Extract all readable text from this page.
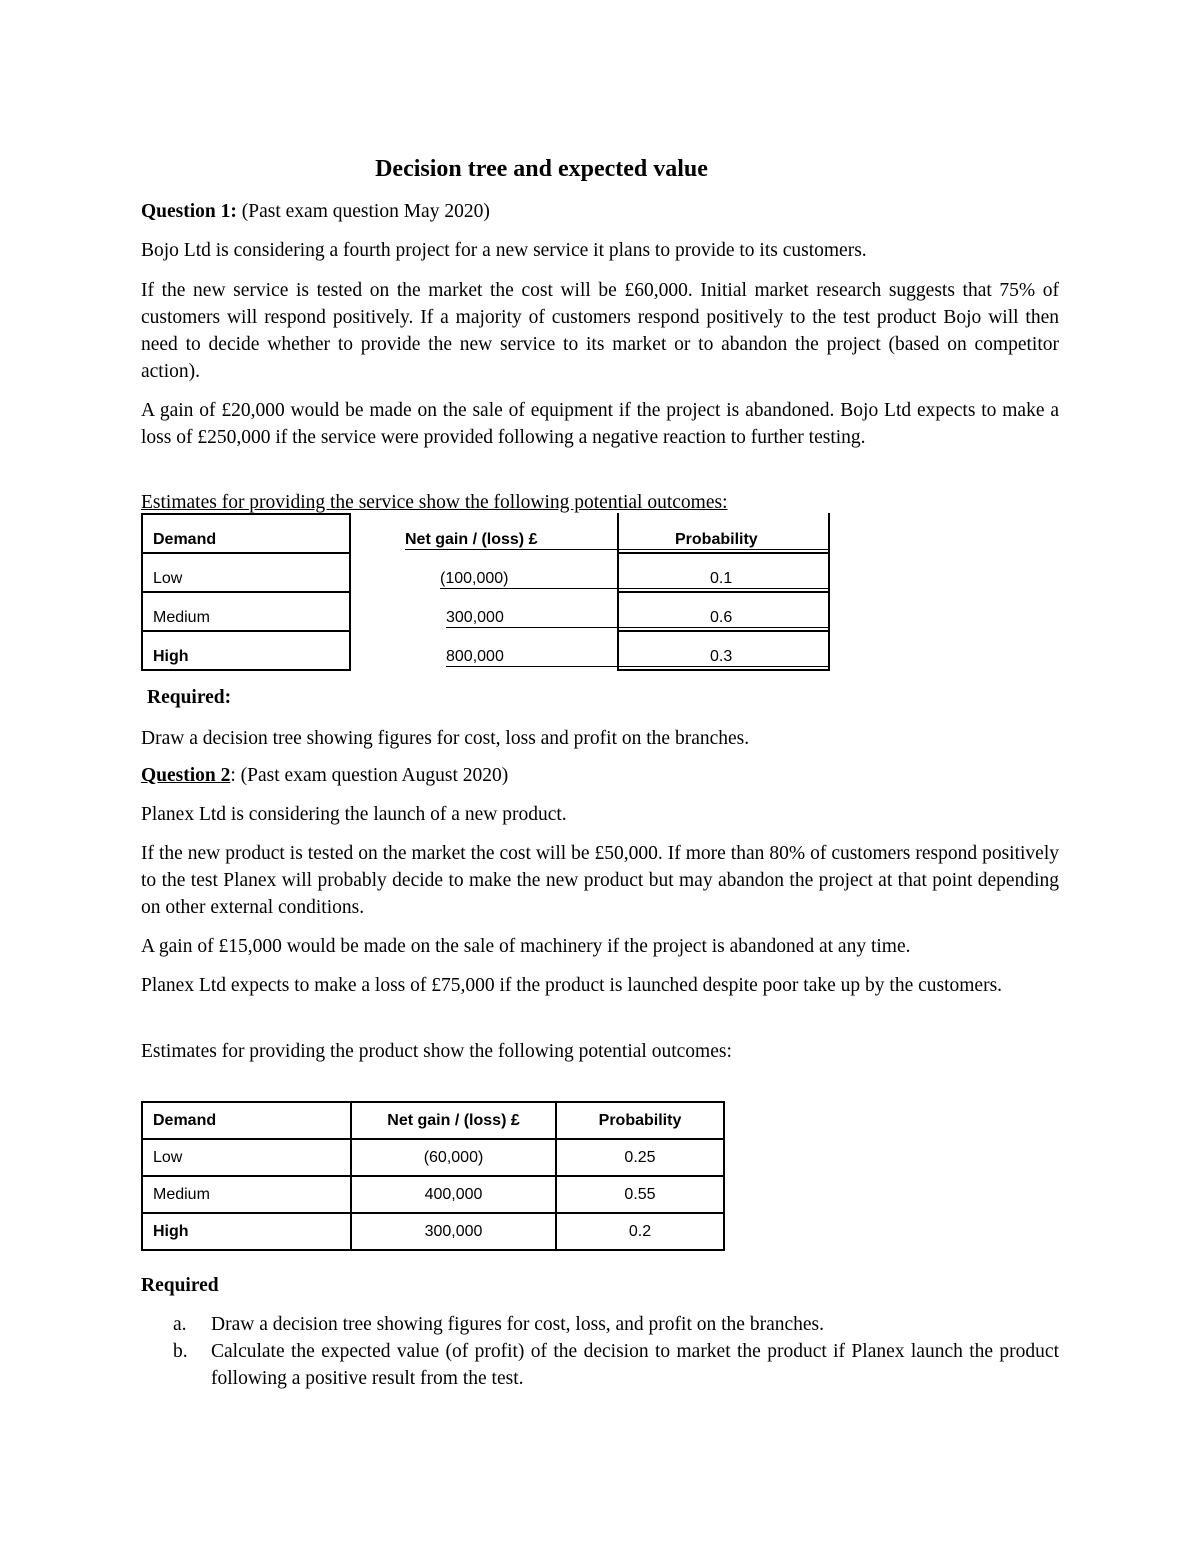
Decision tree and expected value
Question 1: (Past exam question May 2020)
Bojo Ltd is considering a fourth project for a new service it plans to provide to its customers.
If the new service is tested on the market the cost will be £60,000. Initial market research suggests that 75% of customers will respond positively. If a majority of customers respond positively to the test product Bojo will then need to decide whether to provide the new service to its market or to abandon the project (based on competitor action).
A gain of £20,000 would be made on the sale of equipment if the project is abandoned. Bojo Ltd expects to make a loss of £250,000 if the service were provided following a negative reaction to further testing.
Estimates for providing the service show the following potential outcomes:
Demand	Net gain / (loss) £	Probability
Low	(100,000)	0.1
Medium	300,000	0.6
High	800,000	0.3
Required:
Draw a decision tree showing figures for cost, loss and profit on the branches.
Question 2: (Past exam question August 2020)
Planex Ltd is considering the launch of a new product.
If the new product is tested on the market the cost will be £50,000. If more than 80% of customers respond positively to the test Planex will probably decide to make the new product but may abandon the project at that point depending on other external conditions.
A gain of £15,000 would be made on the sale of machinery if the project is abandoned at any time.
Planex Ltd expects to make a loss of £75,000 if the product is launched despite poor take up by the customers.
Estimates for providing the product show the following potential outcomes:
Demand	Net gain / (loss) £	Probability
Low	(60,000)	0.25
Medium	400,000	0.55
High	300,000	0.2
Required
a.	Draw a decision tree showing figures for cost, loss, and profit on the branches.
b.	Calculate the expected value (of profit) of the decision to market the product if Planex launch the product following a positive result from the test.
